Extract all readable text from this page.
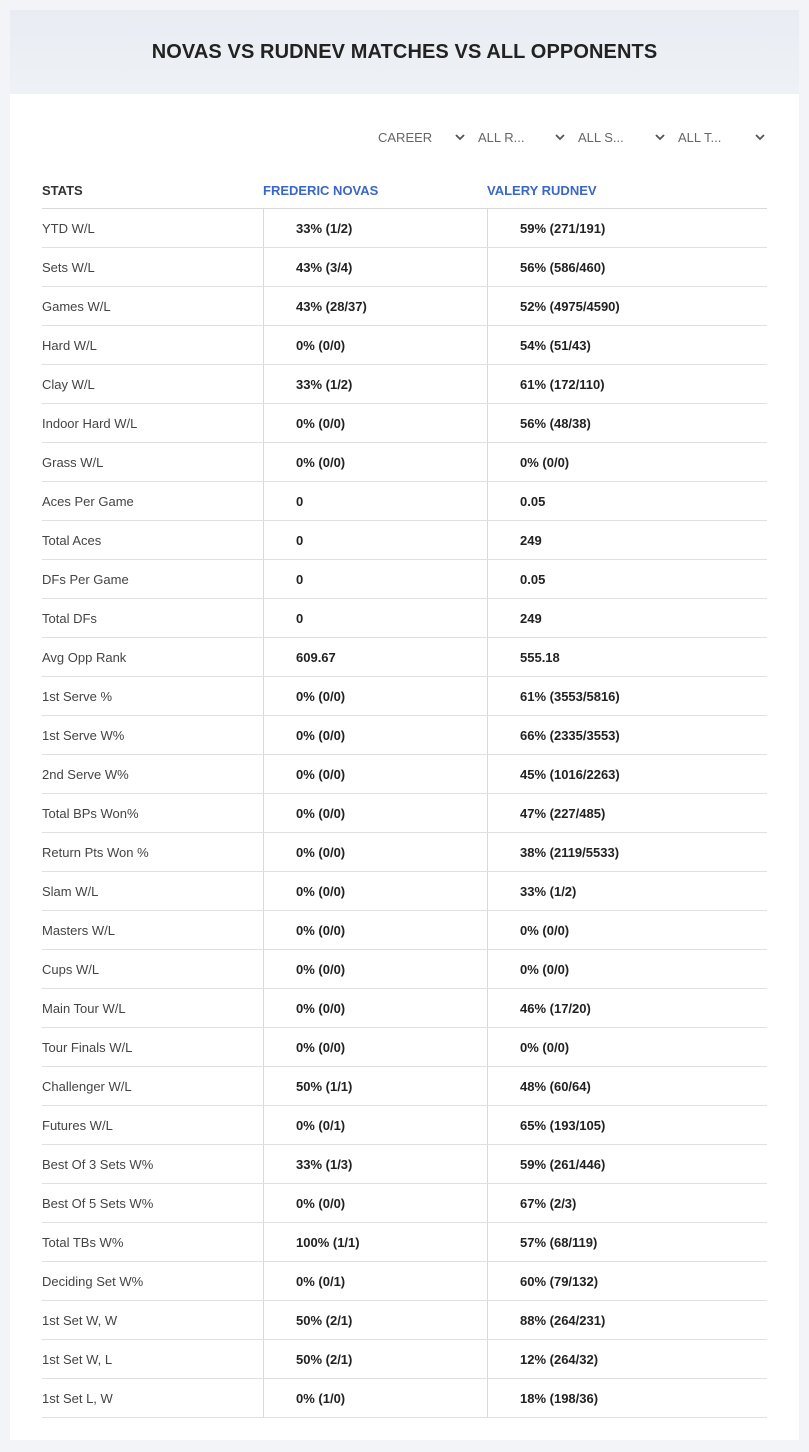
NOVAS VS RUDNEV MATCHES VS ALL OPPONENTS
CAREER	ALL R...	ALL S...	ALL T...
STATS	FREDERIC NOVAS	VALERY RUDNEV
YTD W/L	33% (1/2)	59% (271/191)
Sets W/L	43% (3/4)	56% (586/460)
Games W/L	43% (28/37)	52% (4975/4590)
Hard W/L	0% (0/0)	54% (51/43)
Clay W/L	33% (1/2)	61% (172/110)
Indoor Hard W/L	0% (0/0)	56% (48/38)
Grass W/L	0% (0/0)	0% (0/0)
Aces Per Game	0	0.05
Total Aces	0	249
DFs Per Game	0	0.05
Total DFs	0	249
Avg Opp Rank	609.67	555.18
1st Serve %	0% (0/0)	61% (3553/5816)
1st Serve W%	0% (0/0)	66% (2335/3553)
2nd Serve W%	0% (0/0)	45% (1016/2263)
Total BPs Won%	0% (0/0)	47% (227/485)
Return Pts Won %	0% (0/0)	38% (2119/5533)
Slam W/L	0% (0/0)	33% (1/2)
Masters W/L	0% (0/0)	0% (0/0)
Cups W/L	0% (0/0)	0% (0/0)
Main Tour W/L	0% (0/0)	46% (17/20)
Tour Finals W/L	0% (0/0)	0% (0/0)
Challenger W/L	50% (1/1)	48% (60/64)
Futures W/L	0% (0/1)	65% (193/105)
Best Of 3 Sets W%	33% (1/3)	59% (261/446)
Best Of 5 Sets W%	0% (0/0)	67% (2/3)
Total TBs W%	100% (1/1)	57% (68/119)
Deciding Set W%	0% (0/1)	60% (79/132)
1st Set W, W	50% (2/1)	88% (264/231)
1st Set W, L	50% (2/1)	12% (264/32)
1st Set L, W	0% (1/0)	18% (198/36)
